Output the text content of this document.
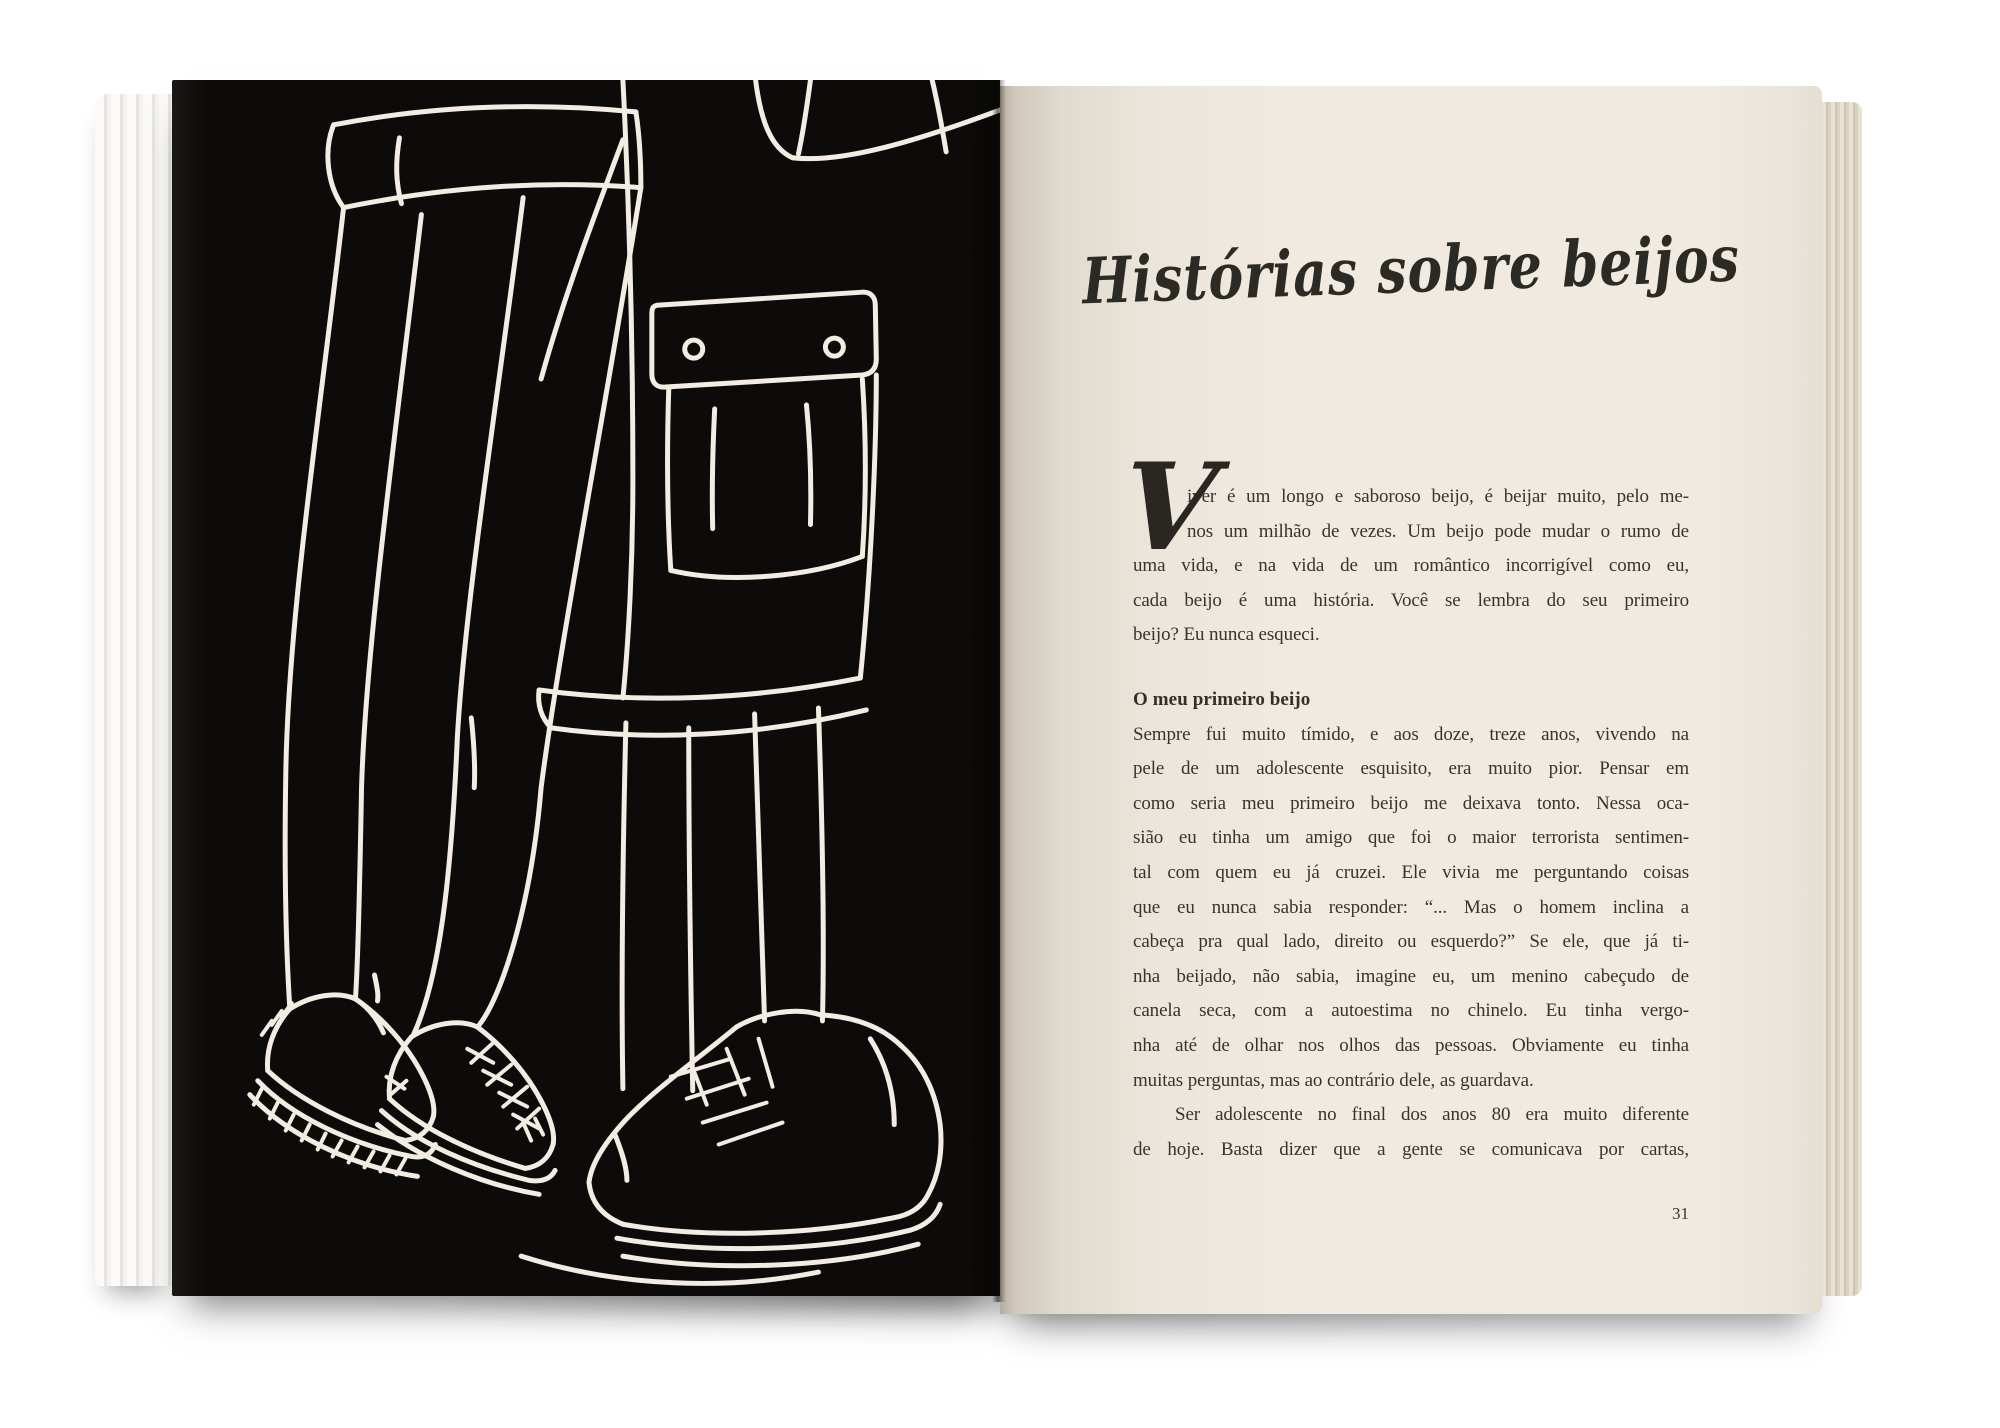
Histórias sobre beijos
V
iver é um longo e saboroso beijo, é beijar muito, pelo me-
nos um milhão de vezes. Um beijo pode mudar o rumo de
uma vida, e na vida de um romântico incorrigível como eu,
cada beijo é uma história. Você se lembra do seu primeiro
beijo? Eu nunca esqueci.
O meu primeiro beijo
Sempre fui muito tímido, e aos doze, treze anos, vivendo na
pele de um adolescente esquisito, era muito pior. Pensar em
como seria meu primeiro beijo me deixava tonto. Nessa oca-
sião eu tinha um amigo que foi o maior terrorista sentimen-
tal com quem eu já cruzei. Ele vivia me perguntando coisas
que eu nunca sabia responder: “... Mas o homem inclina a
cabeça pra qual lado, direito ou esquerdo?” Se ele, que já ti-
nha beijado, não sabia, imagine eu, um menino cabeçudo de
canela seca, com a autoestima no chinelo. Eu tinha vergo-
nha até de olhar nos olhos das pessoas. Obviamente eu tinha
muitas perguntas, mas ao contrário dele, as guardava.
Ser adolescente no final dos anos 80 era muito diferente
de hoje. Basta dizer que a gente se comunicava por cartas,
31
